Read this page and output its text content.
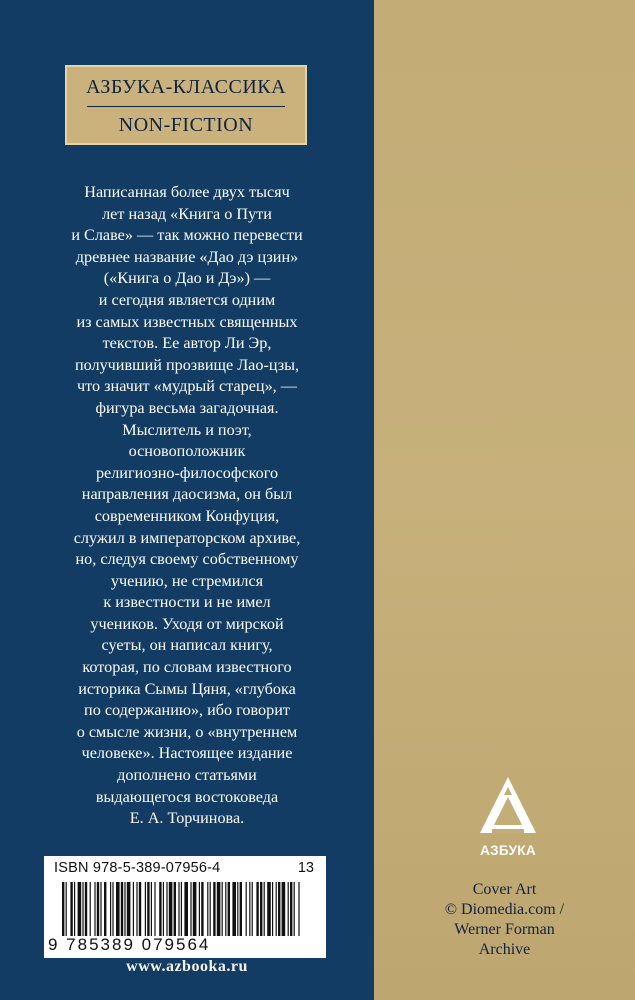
АЗБУКА-КЛАССИКА
NON-FICTION
Написанная более двух тысяч
лет назад «Книга о Пути
и Славе» — так можно перевести
древнее название «Дао дэ цзин»
(«Книга о Дао и Дэ») —
и сегодня является одним
из самых известных священных
текстов. Ее автор Ли Эр,
получивший прозвище Лао-цзы,
что значит «мудрый старец», —
фигура весьма загадочная.
Мыслитель и поэт,
основоположник
религиозно-философского
направления даосизма, он был
современником Конфуция,
служил в императорском архиве,
но, следуя своему собственному
учению, не стремился
к известности и не имел
учеников. Уходя от мирской
суеты, он написал книгу,
которая, по словам известного
историка Сымы Цяня, «глубока
по содержанию», ибо говорит
о смысле жизни, о «внутреннем
человеке». Настоящее издание
дополнено статьями
выдающегося востоковеда
Е. А. Торчинова.
ISBN 978-5-389-07956-4	13
9 785389 079564
www.azbooka.ru
АЗБУКА
Cover Art
© Diomedia.com /
Werner Forman
Archive
